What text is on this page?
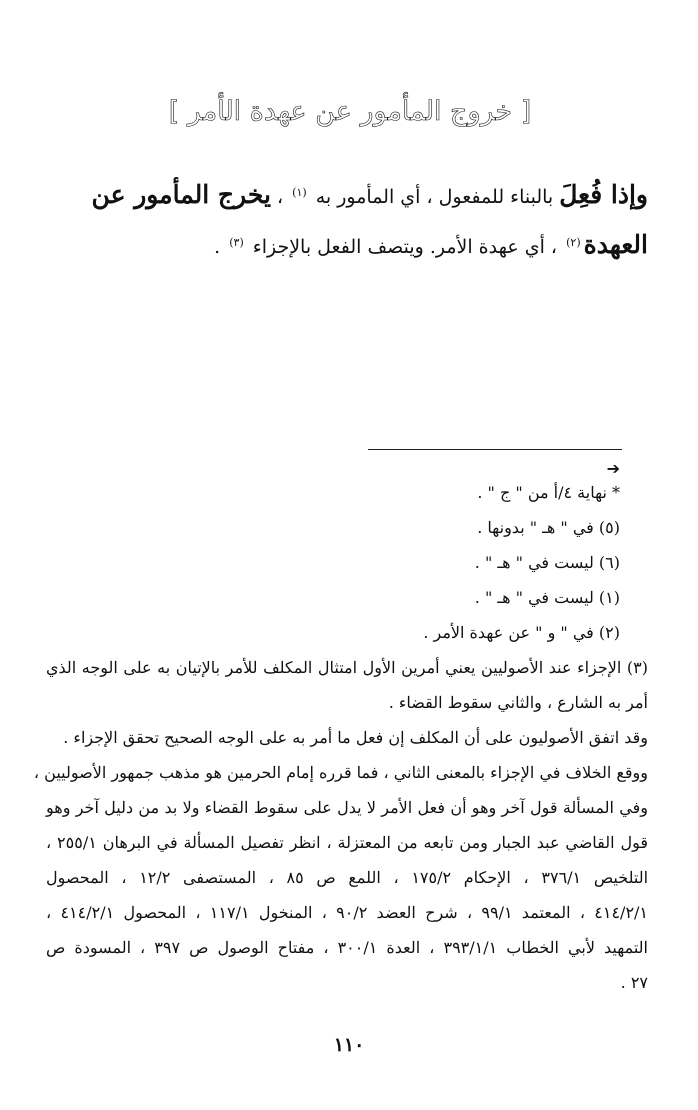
[ خروج المأمور عن عهدة الأمر ]
وإذا فُعِلَ بالبناء للمفعول ، أي المأمور به $^{(١)}$ ، يخرج المأمور عن
العهدة$^{(٢)}$ ، أي عهدة الأمر. ويتصف الفعل بالإجزاء $^{(٣)}$ .
➔
* نهاية ٤/أ من " ج " .
(٥) في " هـ " بدونها .
(٦) ليست في " هـ " .
(١) ليست في " هـ " .
(٢) في " و " عن عهدة الأمر .
(٣) الإجزاء عند الأصوليين يعني أمرين الأول امتثال المكلف للأمر بالإتيان به على الوجه الذي
أمر به الشارع ، والثاني سقوط القضاء .
وقد اتفق الأصوليون على أن المكلف إن فعل ما أمر به على الوجه الصحيح تحقق الإجزاء .
ووقع الخلاف في الإجزاء بالمعنى الثاني ، فما قرره إمام الحرمين هو مذهب جمهور الأصوليين ،
وفي المسألة قول آخر وهو أن فعل الأمر لا يدل على سقوط القضاء ولا بد من دليل آخر وهو
قول القاضي عبد الجبار ومن تابعه من المعتزلة ، انظر تفصيل المسألة في البرهان ٢٥٥/١ ،
التلخيص ٣٧٦/١ ، الإحكام ١٧٥/٢ ، اللمع ص ٨٥ ، المستصفى ١٢/٢ ، المحصول
٤١٤/٢/١ ، المعتمد ٩٩/١ ، شرح العضد ٩٠/٢ ، المنخول ١١٧/١ ، المحصول ٤١٤/٢/١ ،
التمهيد لأبي الخطاب ٣٩٣/١/١ ، العدة ٣٠٠/١ ، مفتاح الوصول ص ٣٩٧ ، المسودة ص
٢٧ .
١١٠
